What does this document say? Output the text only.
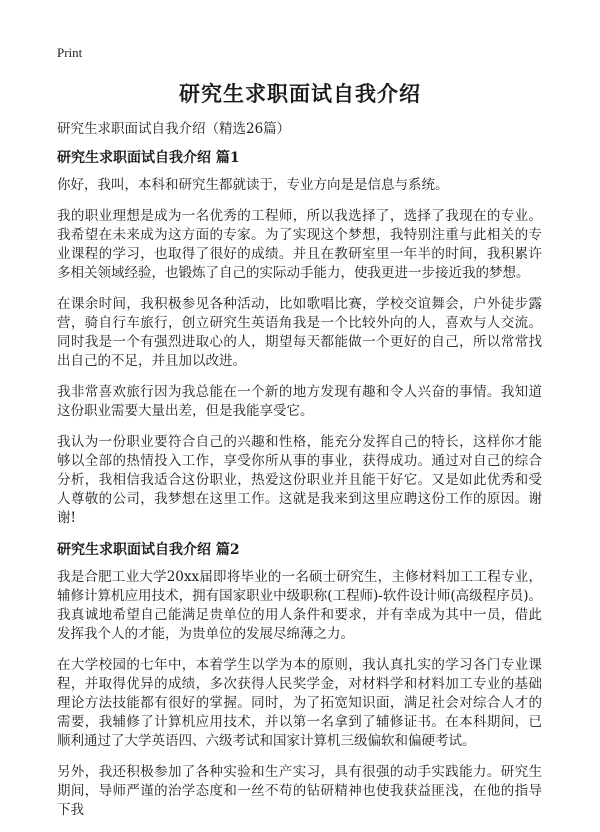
Print
研究生求职面试自我介绍

研究生求职面试自我介绍（精选26篇）

研究生求职面试自我介绍 篇1

你好，我叫，本科和研究生都就读于，专业方向是是信息与系统。

我的职业理想是成为一名优秀的工程师，所以我选择了，选择了我现在的专业。我希望在未来成为这方面的专家。为了实现这个梦想，我特别注重与此相关的专业课程的学习，也取得了很好的成绩。并且在教研室里一年半的时间，我积累许多相关领域经验，也锻炼了自己的实际动手能力，使我更进一步接近我的梦想。

在课余时间，我积极参见各种活动，比如歌唱比赛，学校交谊舞会，户外徒步露营，骑自行车旅行，创立研究生英语角我是一个比较外向的人，喜欢与人交流。同时我是一个有强烈进取心的人，期望每天都能做一个更好的自己，所以常常找出自己的不足，并且加以改进。

我非常喜欢旅行因为我总能在一个新的地方发现有趣和令人兴奋的事情。我知道这份职业需要大量出差，但是我能享受它。

我认为一份职业要符合自己的兴趣和性格，能充分发挥自己的特长，这样你才能够以全部的热情投入工作，享受你所从事的事业，获得成功。通过对自己的综合分析，我相信我适合这份职业，热爱这份职业并且能干好它。又是如此优秀和受人尊敬的公司，我梦想在这里工作。这就是我来到这里应聘这份工作的原因。谢谢!

研究生求职面试自我介绍 篇2

我是合肥工业大学20xx届即将毕业的一名硕士研究生，主修材料加工工程专业，辅修计算机应用技术，拥有国家职业中级职称(工程师)-软件设计师(高级程序员)。我真诚地希望自己能满足贵单位的用人条件和要求，并有幸成为其中一员，借此发挥我个人的才能，为贵单位的发展尽绵薄之力。

在大学校园的七年中，本着学生以学为本的原则，我认真扎实的学习各门专业课程，并取得优异的成绩，多次获得人民奖学金，对材料学和材料加工专业的基础理论方法技能都有很好的掌握。同时，为了拓宽知识面，满足社会对综合人才的需要，我辅修了计算机应用技术，并以第一名拿到了辅修证书。在本科期间，已顺利通过了大学英语四、六级考试和国家计算机三级偏软和偏硬考试。

另外，我还积极参加了各种实验和生产实习，具有很强的动手实践能力。研究生期间，导师严谨的治学态度和一丝不苟的钻研精神也使我获益匪浅，在他的指导下我
